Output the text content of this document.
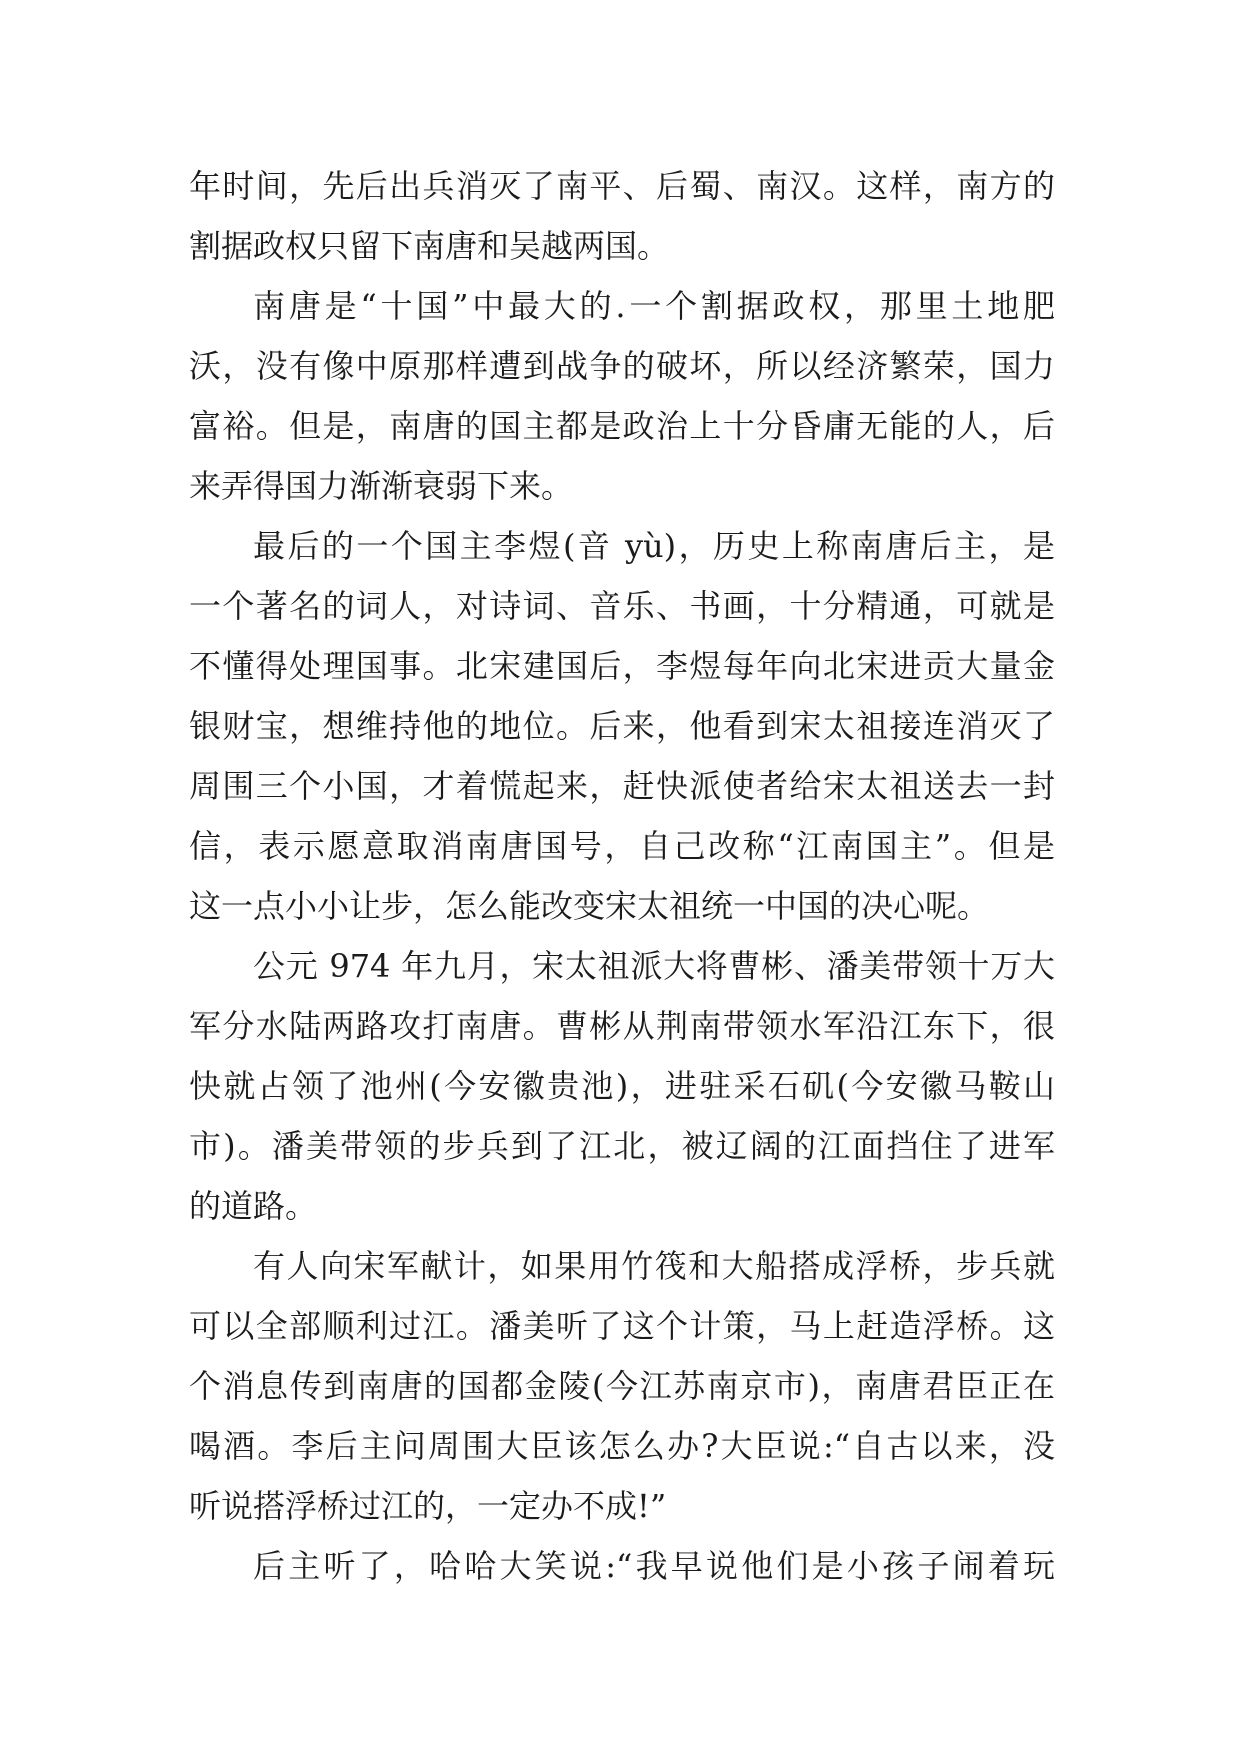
年时间，先后出兵消灭了南平、后蜀、南汉。这样，南方的
割据政权只留下南唐和吴越两国。
南唐是“十国”中最大的.一个割据政权，那里土地肥
沃，没有像中原那样遭到战争的破坏，所以经济繁荣，国力
富裕。但是，南唐的国主都是政治上十分昏庸无能的人，后
来弄得国力渐渐衰弱下来。
最后的一个国主李煜(音 yù)，历史上称南唐后主，是
一个著名的词人，对诗词、音乐、书画，十分精通，可就是
不懂得处理国事。北宋建国后，李煜每年向北宋进贡大量金
银财宝，想维持他的地位。后来，他看到宋太祖接连消灭了
周围三个小国，才着慌起来，赶快派使者给宋太祖送去一封
信，表示愿意取消南唐国号，自己改称“江南国主”。但是
这一点小小让步，怎么能改变宋太祖统一中国的决心呢。
公元 974 年九月，宋太祖派大将曹彬、潘美带领十万大
军分水陆两路攻打南唐。曹彬从荆南带领水军沿江东下，很
快就占领了池州(今安徽贵池)，进驻采石矶(今安徽马鞍山
市)。潘美带领的步兵到了江北，被辽阔的江面挡住了进军
的道路。
有人向宋军献计，如果用竹筏和大船搭成浮桥，步兵就
可以全部顺利过江。潘美听了这个计策，马上赶造浮桥。这
个消息传到南唐的国都金陵(今江苏南京市)，南唐君臣正在
喝酒。李后主问周围大臣该怎么办?大臣说:“自古以来，没
听说搭浮桥过江的，一定办不成!”
后主听了，哈哈大笑说:“我早说他们是小孩子闹着玩
